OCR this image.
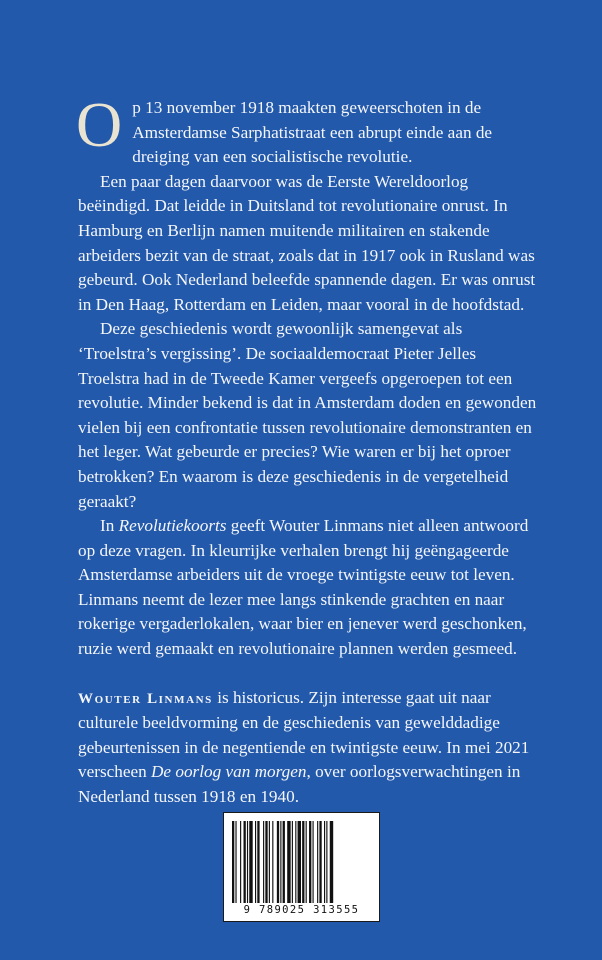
Op 13 november 1918 maakten geweerschoten in de Amsterdamse Sarphatistraat een abrupt einde aan de dreiging van een socialistische revolutie.

Een paar dagen daarvoor was de Eerste Wereldoorlog beëindigd. Dat leidde in Duitsland tot revolutionaire onrust. In Hamburg en Berlijn namen muitende militairen en stakende arbeiders bezit van de straat, zoals dat in 1917 ook in Rusland was gebeurd. Ook Nederland beleefde spannende dagen. Er was onrust in Den Haag, Rotterdam en Leiden, maar vooral in de hoofdstad.

Deze geschiedenis wordt gewoonlijk samengevat als ‘Troelstra’s vergissing’. De sociaaldemocraat Pieter Jelles Troelstra had in de Tweede Kamer vergeefs opgeroepen tot een revolutie. Minder bekend is dat in Amsterdam doden en gewonden vielen bij een confrontatie tussen revolutionaire demonstranten en het leger. Wat gebeurde er precies? Wie waren er bij het oproer betrokken? En waarom is deze geschiedenis in de vergetelheid geraakt?

In Revolutiekoorts geeft Wouter Linmans niet alleen antwoord op deze vragen. In kleurrijke verhalen brengt hij geëngageerde Amsterdamse arbeiders uit de vroege twintigste eeuw tot leven. Linmans neemt de lezer mee langs stinkende grachten en naar rokerige vergaderlokalen, waar bier en jenever werd geschonken, ruzie werd gemaakt en revolutionaire plannen werden gesmeed.

Wouter Linmans is historicus. Zijn interesse gaat uit naar culturele beeldvorming en de geschiedenis van gewelddadige gebeurtenissen in de negentiende en twintigste eeuw. In mei 2021 verscheen De oorlog van morgen, over oorlogsverwachtingen in Nederland tussen 1918 en 1940.

9 789025 313555
